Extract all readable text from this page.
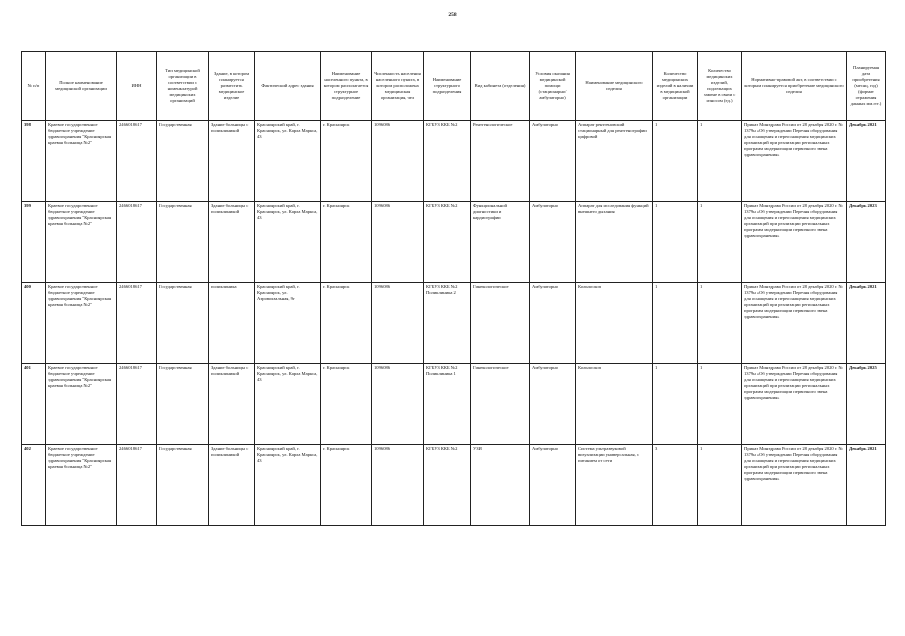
258
№ п/п	Полное наименование медицинской организации	ИНН	Тип медицинской организации в соответствии с номенклатурой медицинских организаций	Здание, в котором планируется разместить медицинское изделие	Фактический адрес здания	Наименование населенного пункта, в котором располагается структурное подразделение	Численность населения населенного пункта, в котором расположена медицинская организация, чел	Наименование структурного подразделения	Вид кабинета (отделения)	Условия оказания медицинской помощи (стационарно/амбулаторно)	Наименование медицинского изделия	Количество медицинских изделий в наличии в медицинской организации	Количество медицинских изделий, подлежащих замене в связи с износом (ед.)	Нормативно-правовой акт, в соответствии с которым планируется приобретение медицинского изделия	Планируемая дата приобретения (месяц, год) (формат отражения данных мм.ггг.)
398	Краевое государственное бюджетное учреждение здравоохранения "Красноярская краевая больница №2"	2466018617	Государственная	Здание больницы с поликлиникой	Красноярский край, г. Красноярск, ул. Карла Маркса, 43	г. Красноярск	1096086	КГБУЗ ККБ №2	Рентгенологическое	Амбулаторно	Аппарат рентгеновский стационарный для рентгенографии цифровой	1	1	Приказ Минздрава России от 28 декабря 2020 г. № 1379н «Об утверждении Перечня оборудования для оснащения и переоснащения медицинских организаций при реализации региональных программ модернизации первичного звена здравоохранения»	Декабрь 2021
399	Краевое государственное бюджетное учреждение здравоохранения "Красноярская краевая больница №2"	2466018617	Государственная	Здание больницы с поликлиникой	Красноярский край, г. Красноярск, ул. Карла Маркса, 43	г. Красноярск	1096086	КГБУЗ ККБ №2	Функциональной диагностики и кардиографии	Амбулаторно	Аппарат для исследования функций внешнего дыхания	1	1	Приказ Минздрава России от 28 декабря 2020 г. № 1379н «Об утверждении Перечня оборудования для оснащения и переоснащения медицинских организаций при реализации региональных программ модернизации первичного звена здравоохранения»	Декабрь 2023
400	Краевое государственное бюджетное учреждение здравоохранения "Красноярская краевая больница №2"	2466018617	Государственная	поликлиника	Красноярский край, г. Красноярск, ул. Аэровокзальная, 9г	г. Красноярск	1096086	КГБУЗ ККБ №2 Поликлиника 2	Гинекологическое	Амбулаторно	Кольпоскоп	1	1	Приказ Минздрава России от 28 декабря 2020 г. № 1379н «Об утверждении Перечня оборудования для оснащения и переоснащения медицинских организаций при реализации региональных программ модернизации первичного звена здравоохранения»	Декабрь 2021
401	Краевое государственное бюджетное учреждение здравоохранения "Красноярская краевая больница №2"	2466018617	Государственная	Здание больницы с поликлиникой	Красноярский край, г. Красноярск, ул. Карла Маркса, 43	г. Красноярск	1096086	КГБУЗ ККБ №2 Поликлиника 1	Гинекологическое	Амбулаторно	Кольпоскоп	1	1	Приказ Минздрава России от 28 декабря 2020 г. № 1379н «Об утверждении Перечня оборудования для оснащения и переоснащения медицинских организаций при реализации региональных программ модернизации первичного звена здравоохранения»	Декабрь 2025
402	Краевое государственное бюджетное учреждение здравоохранения "Красноярская краевая больница №2"	2466018617	Государственная	Здание больницы с поликлиникой	Красноярский край, г. Красноярск, ул. Карла Маркса, 43	г. Красноярск	1096086	КГБУЗ ККБ №2	УЗИ	Амбулаторно	Система ультразвуковой визуализации универсальная, с питанием от сети	3	1	Приказ Минздрава России от 28 декабря 2020 г. № 1379н «Об утверждении Перечня оборудования для оснащения и переоснащения медицинских организаций при реализации региональных программ модернизации первичного звена здравоохранения»	Декабрь 2021
